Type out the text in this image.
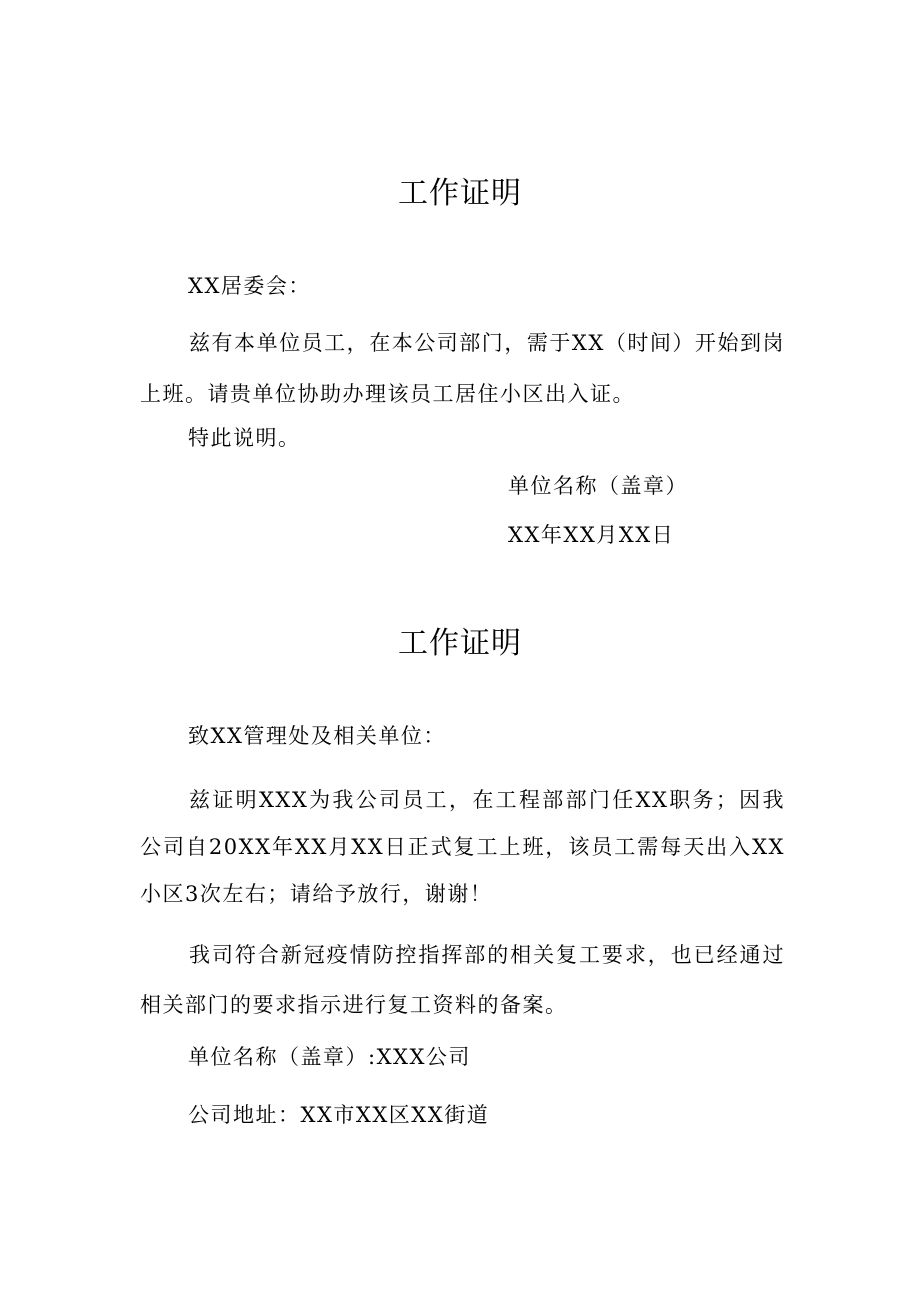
工作证明
XX居委会：

兹有本单位员工，在本公司部门，需于XX（时间）开始到岗上班。请贵单位协助办理该员工居住小区出入证。

特此说明。
单位名称（盖章）
XX年XX月XX日
工作证明
致XX管理处及相关单位：

兹证明XXX为我公司员工，在工程部部门任XX职务；因我公司自20XX年XX月XX日正式复工上班，该员工需每天出入XX小区3次左右；请给予放行，谢谢！

我司符合新冠疫情防控指挥部的相关复工要求，也已经通过相关部门的要求指示进行复工资料的备案。

单位名称（盖章）:XXX公司
公司地址：XX市XX区XX街道
